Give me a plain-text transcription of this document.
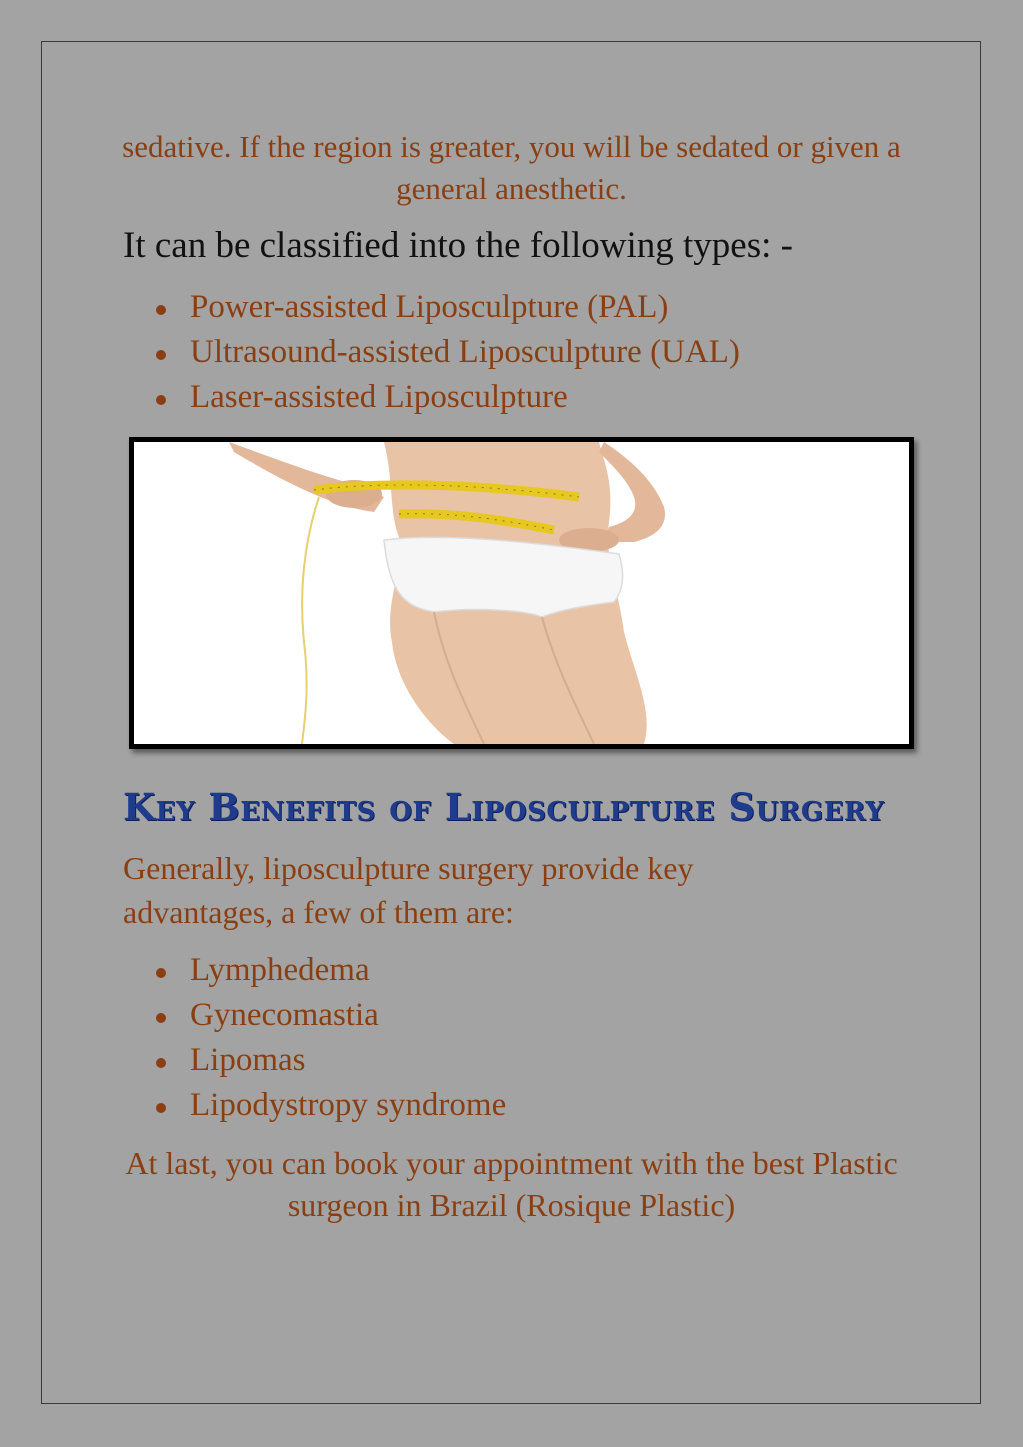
sedative. If the region is greater, you will be sedated or given a general anesthetic.

It can be classified into the following types: -

Power-assisted Liposculpture (PAL)
Ultrasound-assisted Liposculpture (UAL)
Laser-assisted Liposculpture
Key Benefits of Liposculpture Surgery

Generally, liposculpture surgery provide key advantages, a few of them are:

Lymphedema
Gynecomastia
Lipomas
Lipodystropy syndrome

At last, you can book your appointment with the best Plastic surgeon in Brazil (Rosique Plastic)
